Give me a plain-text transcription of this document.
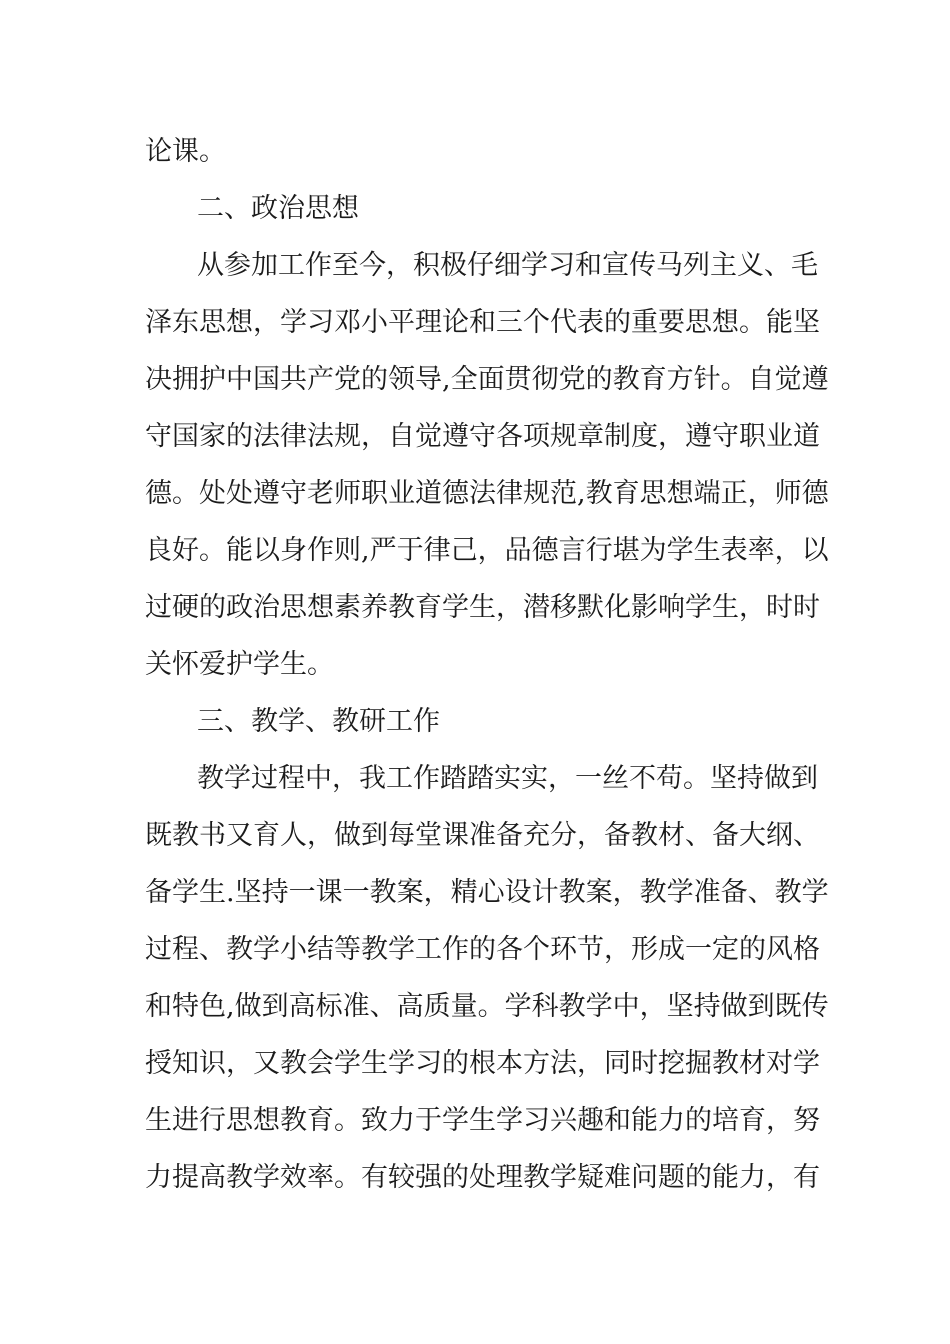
论课。
二、政治思想
从参加工作至今，积极仔细学习和宣传马列主义、毛
泽东思想，学习邓小平理论和三个代表的重要思想。能坚
决拥护中国共产党的领导,全面贯彻党的教育方针。自觉遵
守国家的法律法规，自觉遵守各项规章制度，遵守职业道
德。处处遵守老师职业道德法律规范,教育思想端正，师德
良好。能以身作则,严于律己，品德言行堪为学生表率，以
过硬的政治思想素养教育学生，潜移默化影响学生，时时
关怀爱护学生。
三、教学、教研工作
教学过程中，我工作踏踏实实，一丝不苟。坚持做到
既教书又育人，做到每堂课准备充分，备教材、备大纲、
备学生.坚持一课一教案，精心设计教案，教学准备、教学
过程、教学小结等教学工作的各个环节，形成一定的风格
和特色,做到高标准、高质量。学科教学中，坚持做到既传
授知识，又教会学生学习的根本方法，同时挖掘教材对学
生进行思想教育。致力于学生学习兴趣和能力的培育，努
力提高教学效率。有较强的处理教学疑难问题的能力，有
